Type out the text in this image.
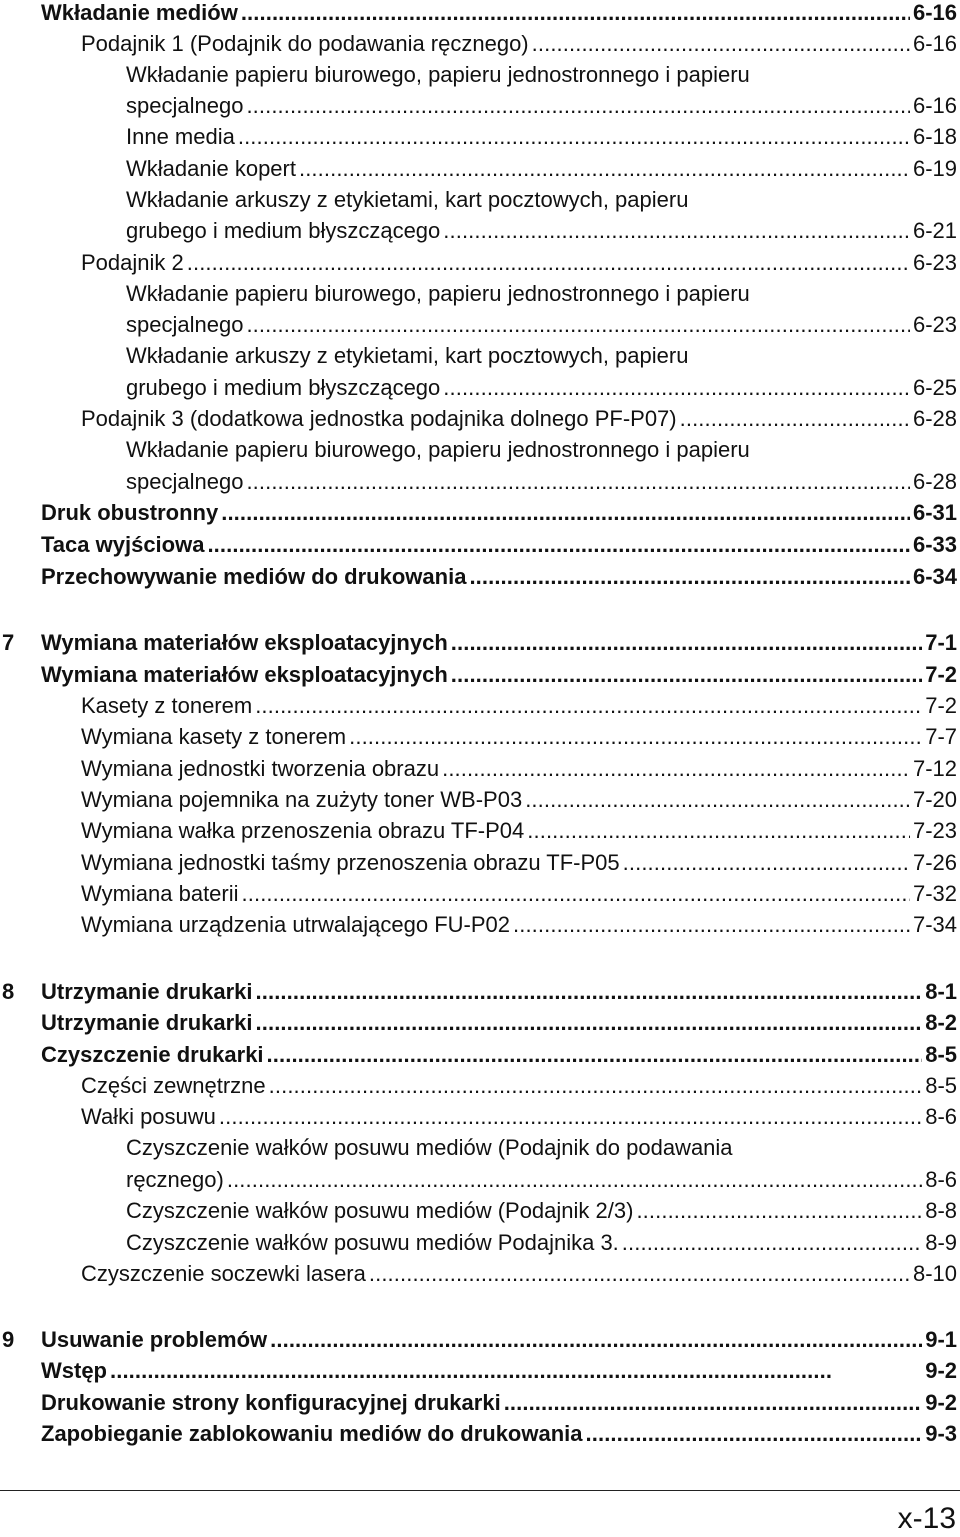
Wkładanie mediów . . .	6-16
Podajnik 1 (Podajnik do podawania ręcznego) . . .	6-16
Wkładanie papieru biurowego, papieru jednostronnego i papieru
specjalnego . . .	6-16
Inne media . . .	6-18
Wkładanie kopert . . .	6-19
Wkładanie arkuszy z etykietami, kart pocztowych, papieru
grubego i medium błyszczącego . . .	6-21
Podajnik 2 . . .	6-23
Wkładanie papieru biurowego, papieru jednostronnego i papieru
specjalnego . . .	6-23
Wkładanie arkuszy z etykietami, kart pocztowych, papieru
grubego i medium błyszczącego . . .	6-25
Podajnik 3 (dodatkowa jednostka podajnika dolnego PF-P07) . . .	6-28
Wkładanie papieru biurowego, papieru jednostronnego i papieru
specjalnego . . .	6-28
Druk obustronny . . .	6-31
Taca wyjściowa . . .	6-33
Przechowywanie mediów do drukowania . . .	6-34
7 Wymiana materiałów eksploatacyjnych . . .	7-1
Wymiana materiałów eksploatacyjnych . . .	7-2
Kasety z tonerem . . .	7-2
Wymiana kasety z tonerem . . .	7-7
Wymiana jednostki tworzenia obrazu . . .	7-12
Wymiana pojemnika na zużyty toner WB-P03 . . .	7-20
Wymiana wałka przenoszenia obrazu TF-P04 . . .	7-23
Wymiana jednostki taśmy przenoszenia obrazu TF-P05 . . .	7-26
Wymiana baterii . . .	7-32
Wymiana urządzenia utrwalającego FU-P02 . . .	7-34
8 Utrzymanie drukarki . . .	8-1
Utrzymanie drukarki . . .	8-2
Czyszczenie drukarki . . .	8-5
Części zewnętrzne . . .	8-5
Wałki posuwu . . .	8-6
Czyszczenie wałków posuwu mediów (Podajnik do podawania
ręcznego) . . .	8-6
Czyszczenie wałków posuwu mediów (Podajnik 2/3) . . .	8-8
Czyszczenie wałków posuwu mediów Podajnika 3. . . .	8-9
Czyszczenie soczewki lasera . . .	8-10
9 Usuwanie problemów . . .	9-1
Wstęp . . .	9-2
Drukowanie strony konfiguracyjnej drukarki . . .	9-2
Zapobieganie zablokowaniu mediów do drukowania . . .	9-3
x-13
